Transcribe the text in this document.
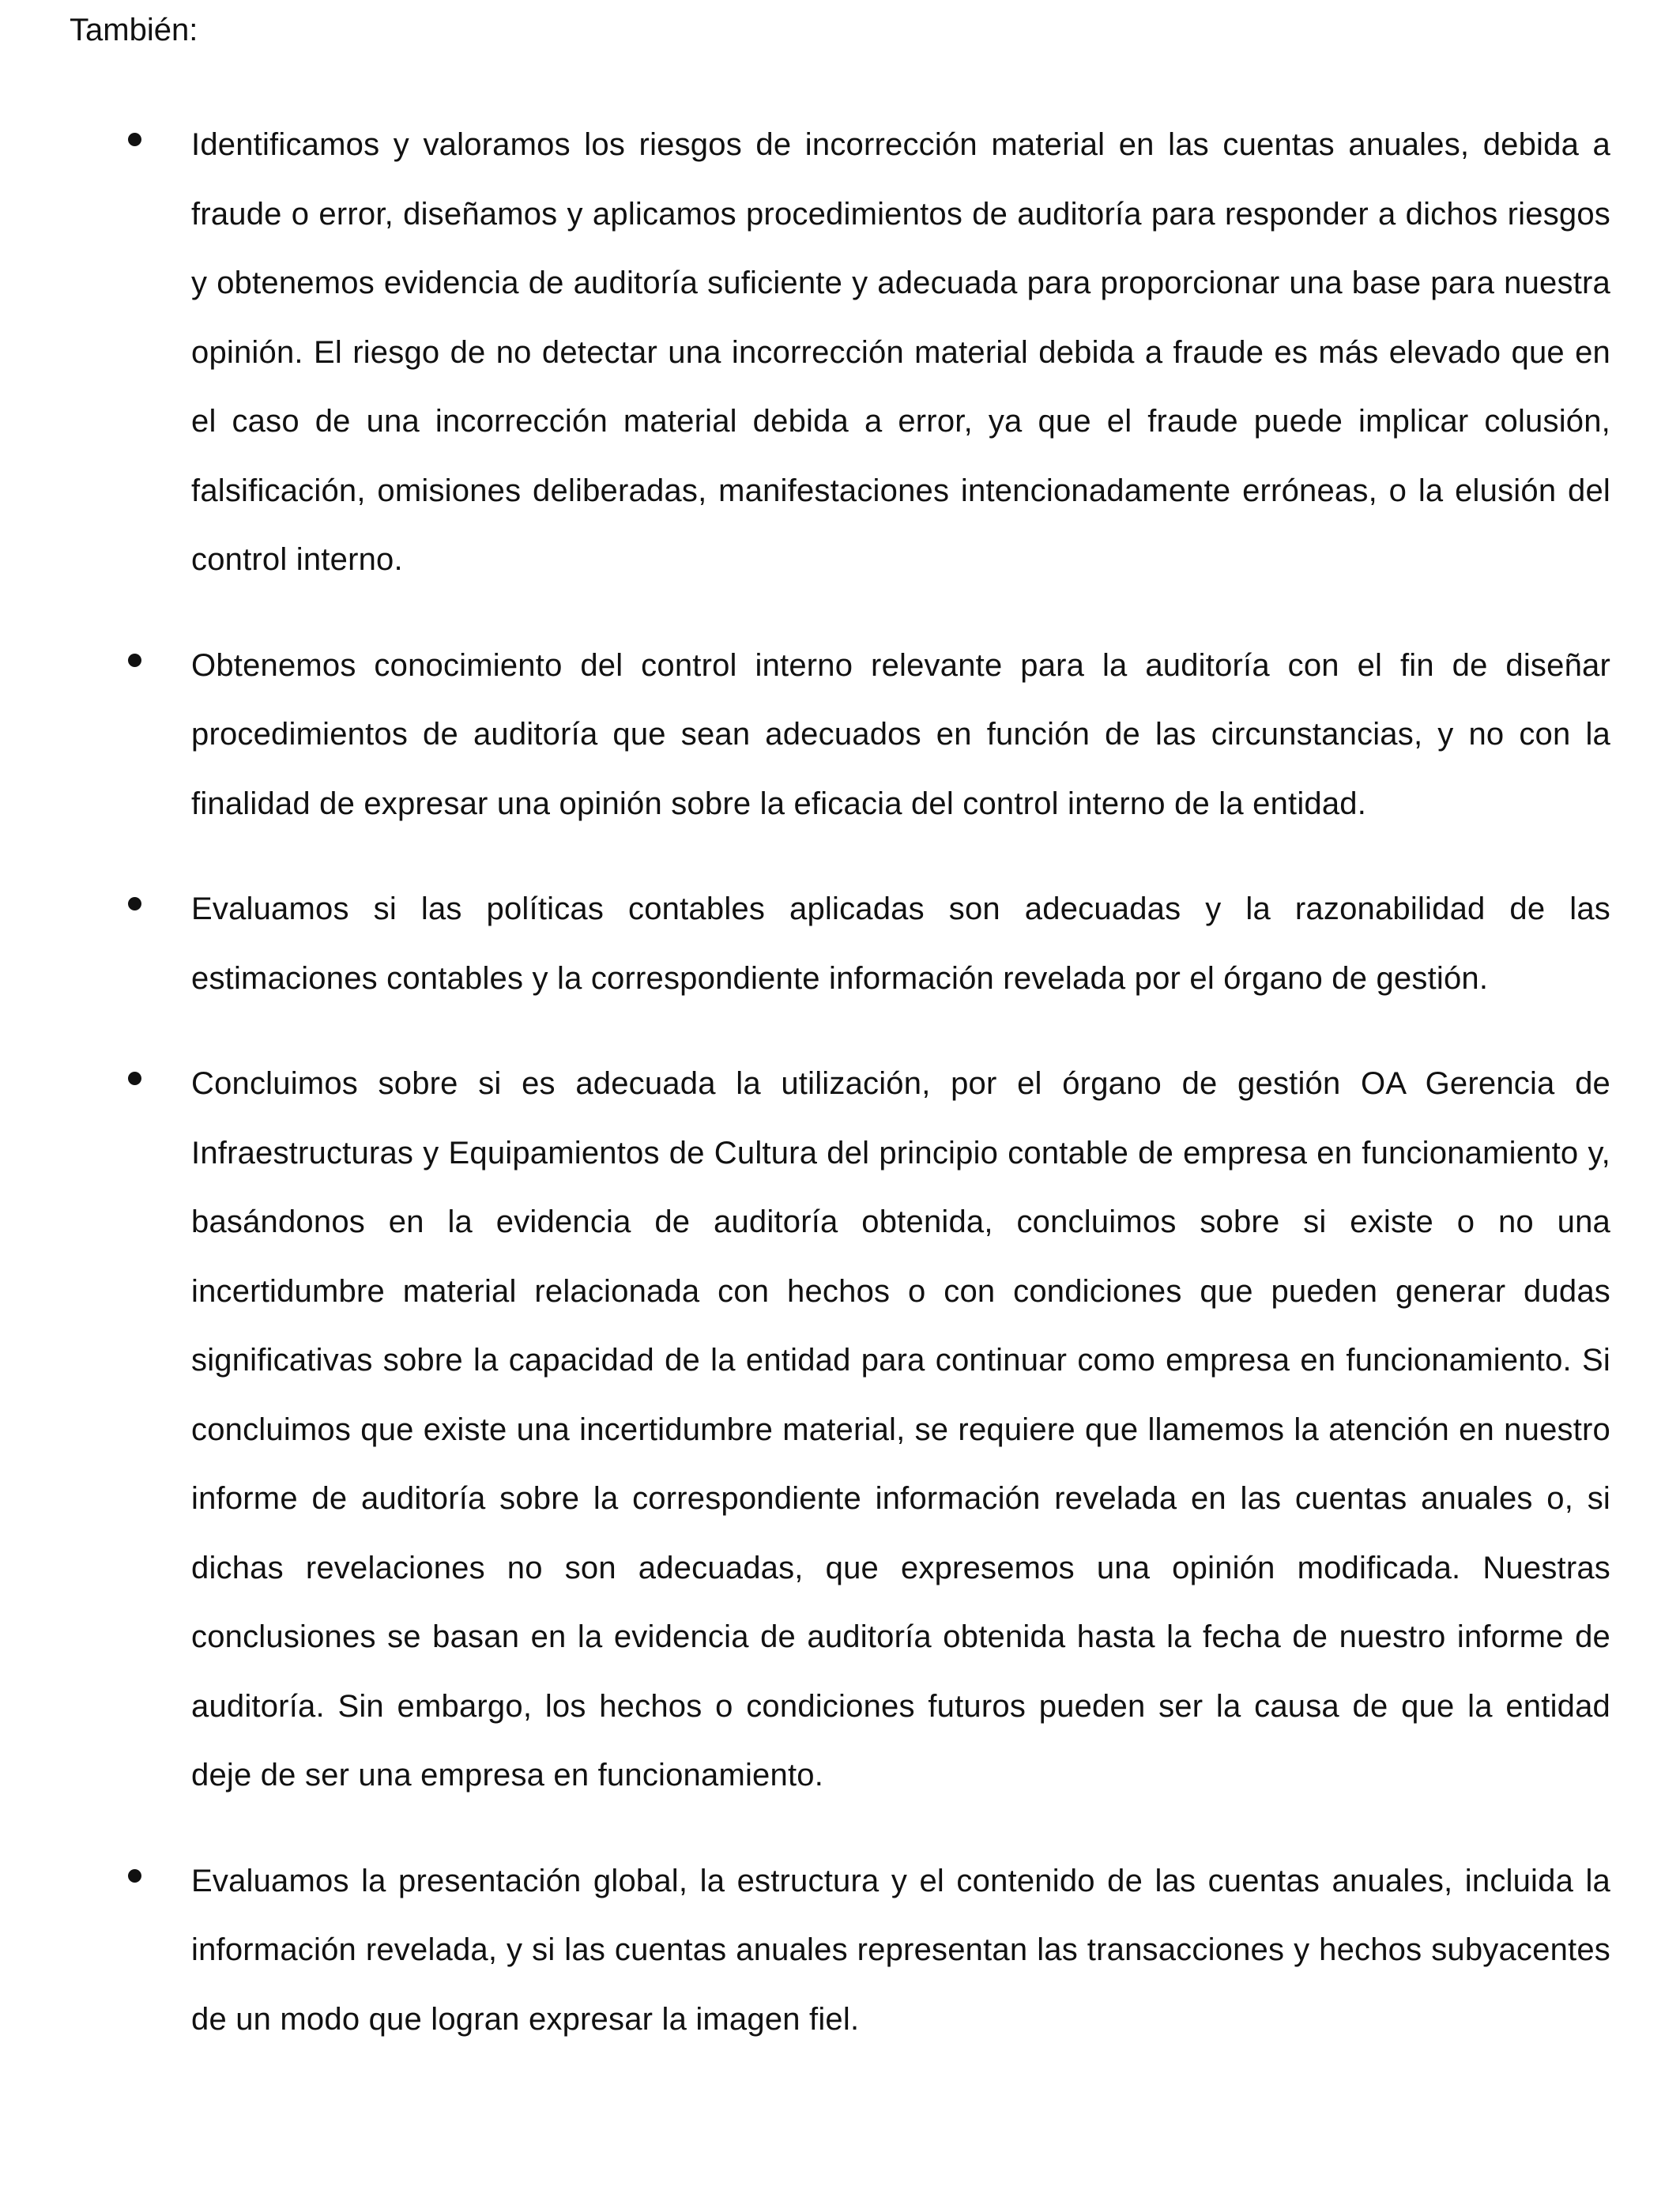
También:

Identificamos y valoramos los riesgos de incorrección material en las cuentas anuales, debida a fraude o error, diseñamos y aplicamos procedimientos de auditoría para responder a dichos riesgos y obtenemos evidencia de auditoría suficiente y adecuada para proporcionar una base para nuestra opinión. El riesgo de no detectar una incorrección material debida a fraude es más elevado que en el caso de una incorrección material debida a error, ya que el fraude puede implicar colusión, falsificación, omisiones deliberadas, manifestaciones intencionadamente erróneas, o la elusión del control interno.

Obtenemos conocimiento del control interno relevante para la auditoría con el fin de diseñar procedimientos de auditoría que sean adecuados en función de las circunstancias, y no con la finalidad de expresar una opinión sobre la eficacia del control interno de la entidad.

Evaluamos si las políticas contables aplicadas son adecuadas y la razonabilidad de las estimaciones contables y la correspondiente información revelada por el órgano de gestión.

Concluimos sobre si es adecuada la utilización, por el órgano de gestión OA Gerencia de Infraestructuras y Equipamientos de Cultura del principio contable de empresa en funcionamiento y, basándonos en la evidencia de auditoría obtenida, concluimos sobre si existe o no una incertidumbre material relacionada con hechos o con condiciones que pueden generar dudas significativas sobre la capacidad de la entidad para continuar como empresa en funcionamiento. Si concluimos que existe una incertidumbre material, se requiere que llamemos la atención en nuestro informe de auditoría sobre la correspondiente información revelada en las cuentas anuales o, si dichas revelaciones no son adecuadas, que expresemos una opinión modificada. Nuestras conclusiones se basan en la evidencia de auditoría obtenida hasta la fecha de nuestro informe de auditoría. Sin embargo, los hechos o condiciones futuros pueden ser la causa de que la entidad deje de ser una empresa en funcionamiento.

Evaluamos la presentación global, la estructura y el contenido de las cuentas anuales, incluida la información revelada, y si las cuentas anuales representan las transacciones y hechos subyacentes de un modo que logran expresar la imagen fiel.
